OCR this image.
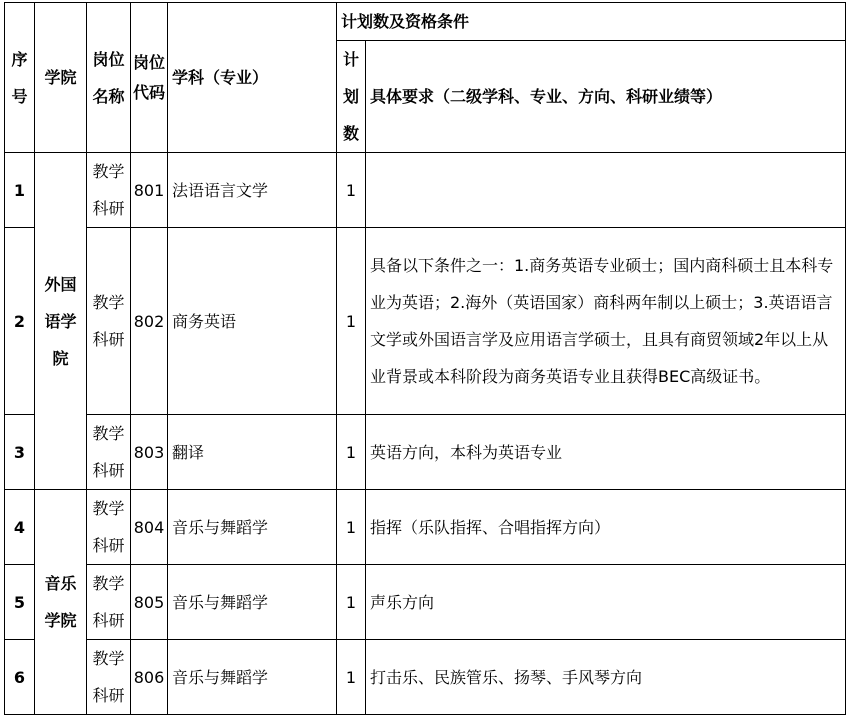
序号	学院	岗位名称	岗位代码	学科（专业）	计划数及资格条件	
					计划数	具体要求（二级学科、专业、方向、科研业绩等）
1	外国语学院	教学科研	801	法语语言文学	1	
2		教学科研	802	商务英语	1	具备以下条件之一：1.商务英语专业硕士；国内商科硕士且本科专业为英语；2.海外（英语国家）商科两年制以上硕士；3.英语语言文学或外国语言学及应用语言学硕士，且具有商贸领域2年以上从业背景或本科阶段为商务英语专业且获得BEC高级证书。
3		教学科研	803	翻译	1	英语方向，本科为英语专业
4	音乐学院	教学科研	804	音乐与舞蹈学	1	指挥（乐队指挥、合唱指挥方向）
5		教学科研	805	音乐与舞蹈学	1	声乐方向
6		教学科研	806	音乐与舞蹈学	1	打击乐、民族管乐、扬琴、手风琴方向
